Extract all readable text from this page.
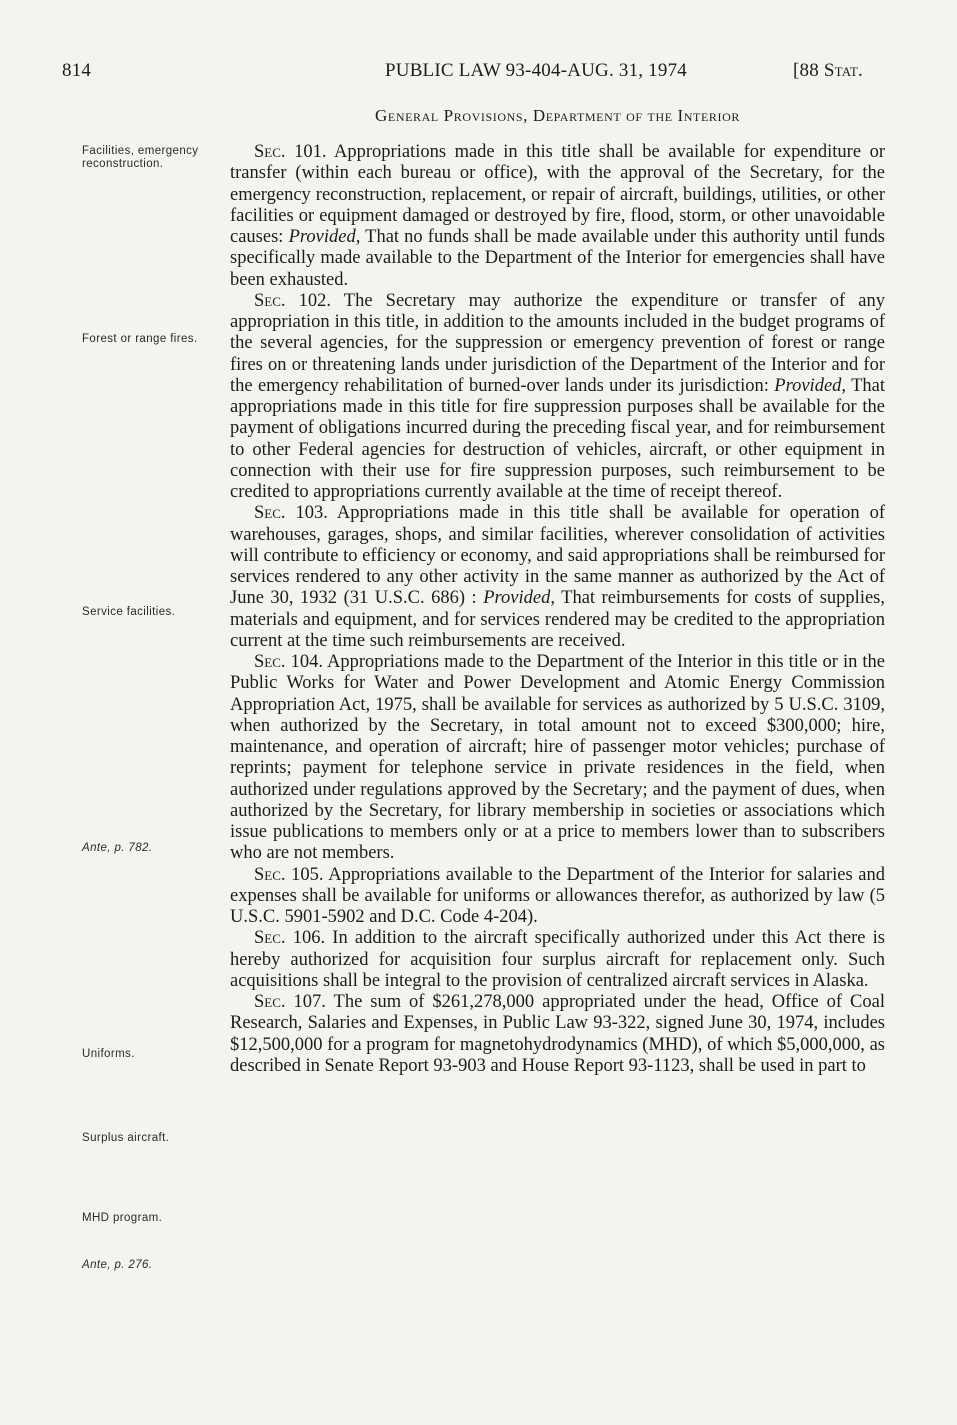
814	PUBLIC LAW 93-404-AUG. 31, 1974	[88 Stat.
General Provisions, Department of the Interior
Facilities, emergency reconstruction.
Forest or range fires.
Service facilities.
Ante, p. 782.
Uniforms.
Surplus aircraft.
MHD program.
Ante, p. 276.

Sec. 101. Appropriations made in this title shall be available for expenditure or transfer (within each bureau or office), with the approval of the Secretary, for the emergency reconstruction, replacement, or repair of aircraft, buildings, utilities, or other facilities or equipment damaged or destroyed by fire, flood, storm, or other unavoidable causes: Provided, That no funds shall be made available under this authority until funds specifically made available to the Department of the Interior for emergencies shall have been exhausted.

Sec. 102. The Secretary may authorize the expenditure or transfer of any appropriation in this title, in addition to the amounts included in the budget programs of the several agencies, for the suppression or emergency prevention of forest or range fires on or threatening lands under jurisdiction of the Department of the Interior and for the emergency rehabilitation of burned-over lands under its jurisdiction: Provided, That appropriations made in this title for fire suppression purposes shall be available for the payment of obligations incurred during the preceding fiscal year, and for reimbursement to other Federal agencies for destruction of vehicles, aircraft, or other equipment in connection with their use for fire suppression purposes, such reimbursement to be credited to appropriations currently available at the time of receipt thereof.

Sec. 103. Appropriations made in this title shall be available for operation of warehouses, garages, shops, and similar facilities, wherever consolidation of activities will contribute to efficiency or economy, and said appropriations shall be reimbursed for services rendered to any other activity in the same manner as authorized by the Act of June 30, 1932 (31 U.S.C. 686) : Provided, That reimbursements for costs of supplies, materials and equipment, and for services rendered may be credited to the appropriation current at the time such reimbursements are received.

Sec. 104. Appropriations made to the Department of the Interior in this title or in the Public Works for Water and Power Development and Atomic Energy Commission Appropriation Act, 1975, shall be available for services as authorized by 5 U.S.C. 3109, when authorized by the Secretary, in total amount not to exceed $300,000; hire, maintenance, and operation of aircraft; hire of passenger motor vehicles; purchase of reprints; payment for telephone service in private residences in the field, when authorized under regulations approved by the Secretary; and the payment of dues, when authorized by the Secretary, for library membership in societies or associations which issue publications to members only or at a price to members lower than to subscribers who are not members.

Sec. 105. Appropriations available to the Department of the Interior for salaries and expenses shall be available for uniforms or allowances therefor, as authorized by law (5 U.S.C. 5901-5902 and D.C. Code 4-204).

Sec. 106. In addition to the aircraft specifically authorized under this Act there is hereby authorized for acquisition four surplus aircraft for replacement only. Such acquisitions shall be integral to the provision of centralized aircraft services in Alaska.

Sec. 107. The sum of $261,278,000 appropriated under the head, Office of Coal Research, Salaries and Expenses, in Public Law 93-322, signed June 30, 1974, includes $12,500,000 for a program for magnetohydrodynamics (MHD), of which $5,000,000, as described in Senate Report 93-903 and House Report 93-1123, shall be used in part to
